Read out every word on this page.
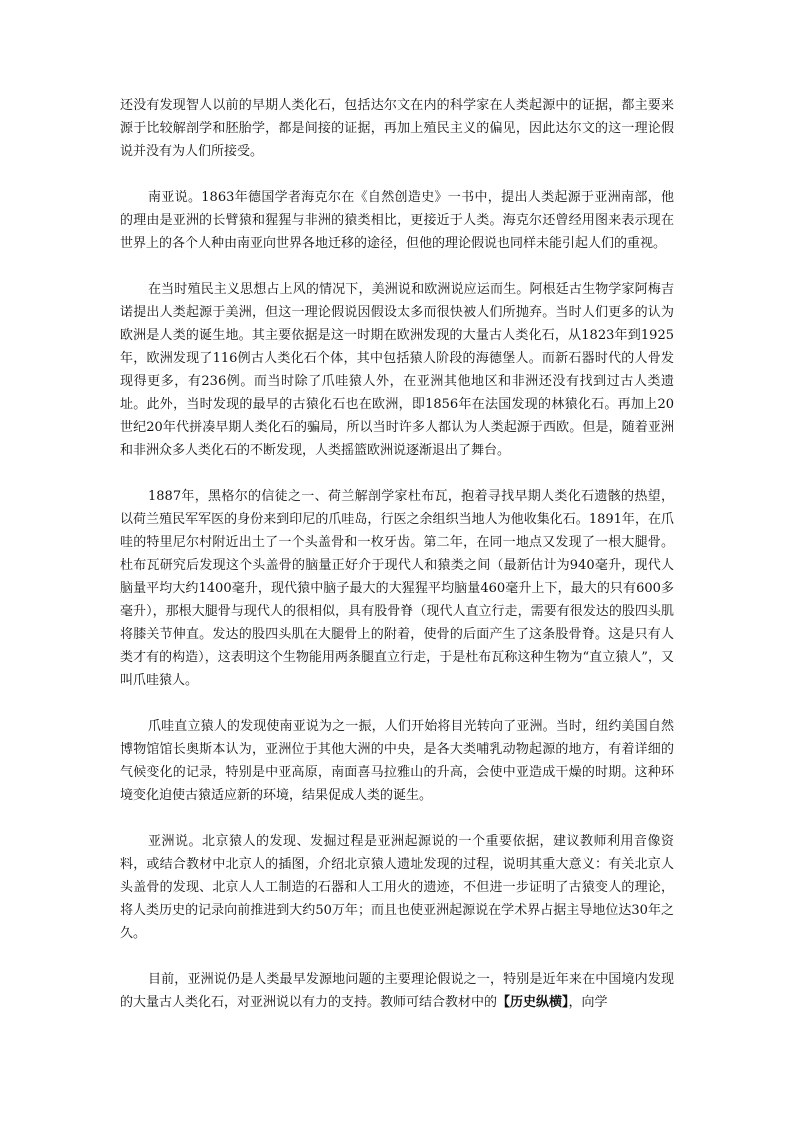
还没有发现智人以前的早期人类化石，包括达尔文在内的科学家在人类起源中的证据，都主要来源于比较解剖学和胚胎学，都是间接的证据，再加上殖民主义的偏见，因此达尔文的这一理论假说并没有为人们所接受。

南亚说。1863年德国学者海克尔在《自然创造史》一书中，提出人类起源于亚洲南部，他的理由是亚洲的长臂猿和猩猩与非洲的猿类相比，更接近于人类。海克尔还曾经用图来表示现在世界上的各个人种由南亚向世界各地迁移的途径，但他的理论假说也同样未能引起人们的重视。

在当时殖民主义思想占上风的情况下，美洲说和欧洲说应运而生。阿根廷古生物学家阿梅吉诺提出人类起源于美洲，但这一理论假说因假设太多而很快被人们所抛弃。当时人们更多的认为欧洲是人类的诞生地。其主要依据是这一时期在欧洲发现的大量古人类化石，从1823年到1925年，欧洲发现了116例古人类化石个体，其中包括猿人阶段的海德堡人。而新石器时代的人骨发现得更多，有236例。而当时除了爪哇猿人外，在亚洲其他地区和非洲还没有找到过古人类遗址。此外，当时发现的最早的古猿化石也在欧洲，即1856年在法国发现的林猿化石。再加上20世纪20年代拼凑早期人类化石的骗局，所以当时许多人都认为人类起源于西欧。但是，随着亚洲和非洲众多人类化石的不断发现，人类摇篮欧洲说逐渐退出了舞台。

1887年，黑格尔的信徒之一、荷兰解剖学家杜布瓦，抱着寻找早期人类化石遗骸的热望，以荷兰殖民军军医的身份来到印尼的爪哇岛，行医之余组织当地人为他收集化石。1891年，在爪哇的特里尼尔村附近出土了一个头盖骨和一枚牙齿。第二年，在同一地点又发现了一根大腿骨。杜布瓦研究后发现这个头盖骨的脑量正好介于现代人和猿类之间（最新估计为940毫升，现代人脑量平均大约1400毫升，现代猿中脑子最大的大猩猩平均脑量460毫升上下，最大的只有600多毫升），那根大腿骨与现代人的很相似，具有股骨脊（现代人直立行走，需要有很发达的股四头肌将膝关节伸直。发达的股四头肌在大腿骨上的附着，使骨的后面产生了这条股骨脊。这是只有人类才有的构造），这表明这个生物能用两条腿直立行走，于是杜布瓦称这种生物为“直立猿人”，又叫爪哇猿人。

爪哇直立猿人的发现使南亚说为之一振，人们开始将目光转向了亚洲。当时，纽约美国自然博物馆馆长奥斯本认为，亚洲位于其他大洲的中央，是各大类哺乳动物起源的地方，有着详细的气候变化的记录，特别是中亚高原，南面喜马拉雅山的升高，会使中亚造成干燥的时期。这种环境变化迫使古猿适应新的环境，结果促成人类的诞生。

亚洲说。北京猿人的发现、发掘过程是亚洲起源说的一个重要依据，建议教师利用音像资料，或结合教材中北京人的插图，介绍北京猿人遗址发现的过程，说明其重大意义：有关北京人头盖骨的发现、北京人人工制造的石器和人工用火的遗迹，不但进一步证明了古猿变人的理论，将人类历史的记录向前推进到大约50万年；而且也使亚洲起源说在学术界占据主导地位达30年之久。

目前，亚洲说仍是人类最早发源地问题的主要理论假说之一，特别是近年来在中国境内发现的大量古人类化石，对亚洲说以有力的支持。教师可结合教材中的【历史纵横】，向学
